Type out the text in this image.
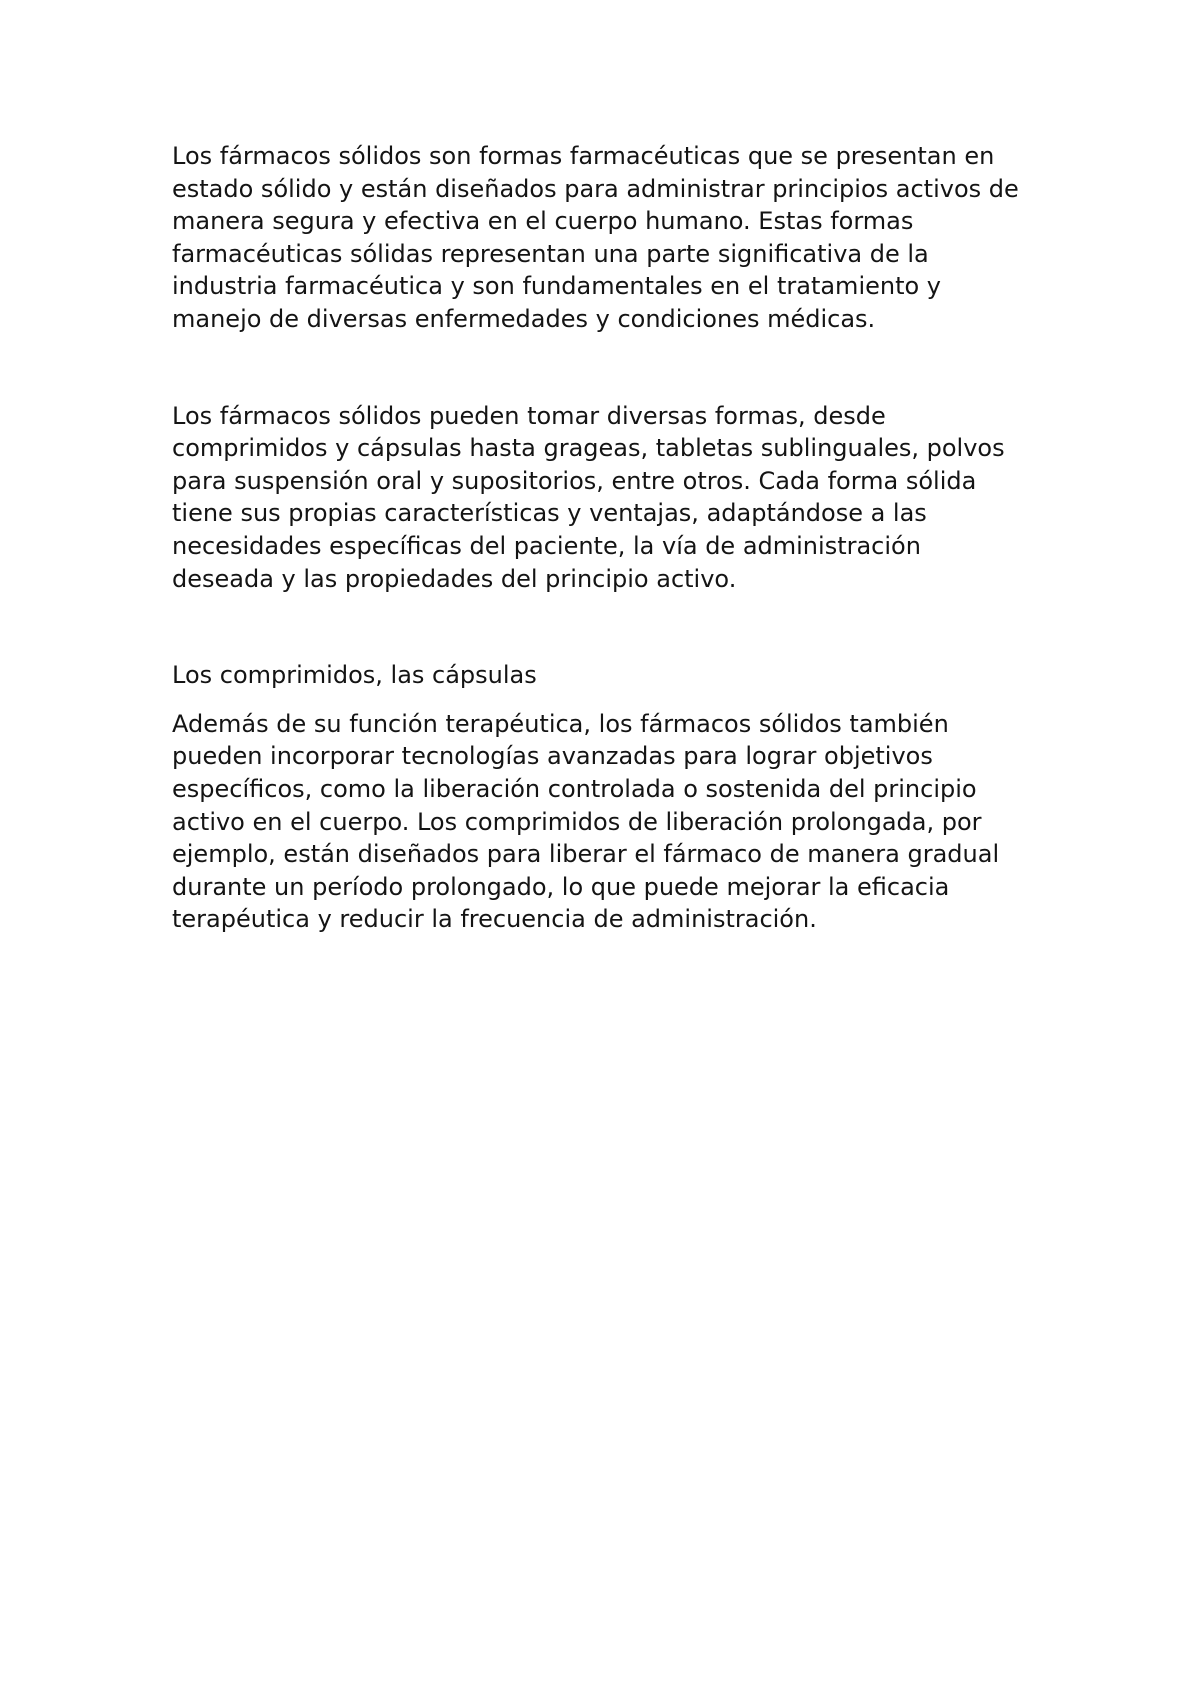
Los fármacos sólidos son formas farmacéuticas que se presentan en
estado sólido y están diseñados para administrar principios activos de
manera segura y efectiva en el cuerpo humano. Estas formas
farmacéuticas sólidas representan una parte significativa de la
industria farmacéutica y son fundamentales en el tratamiento y
manejo de diversas enfermedades y condiciones médicas.

Los fármacos sólidos pueden tomar diversas formas, desde
comprimidos y cápsulas hasta grageas, tabletas sublinguales, polvos
para suspensión oral y supositorios, entre otros. Cada forma sólida
tiene sus propias características y ventajas, adaptándose a las
necesidades específicas del paciente, la vía de administración
deseada y las propiedades del principio activo.

Los comprimidos, las cápsulas

Además de su función terapéutica, los fármacos sólidos también
pueden incorporar tecnologías avanzadas para lograr objetivos
específicos, como la liberación controlada o sostenida del principio
activo en el cuerpo. Los comprimidos de liberación prolongada, por
ejemplo, están diseñados para liberar el fármaco de manera gradual
durante un período prolongado, lo que puede mejorar la eficacia
terapéutica y reducir la frecuencia de administración.
